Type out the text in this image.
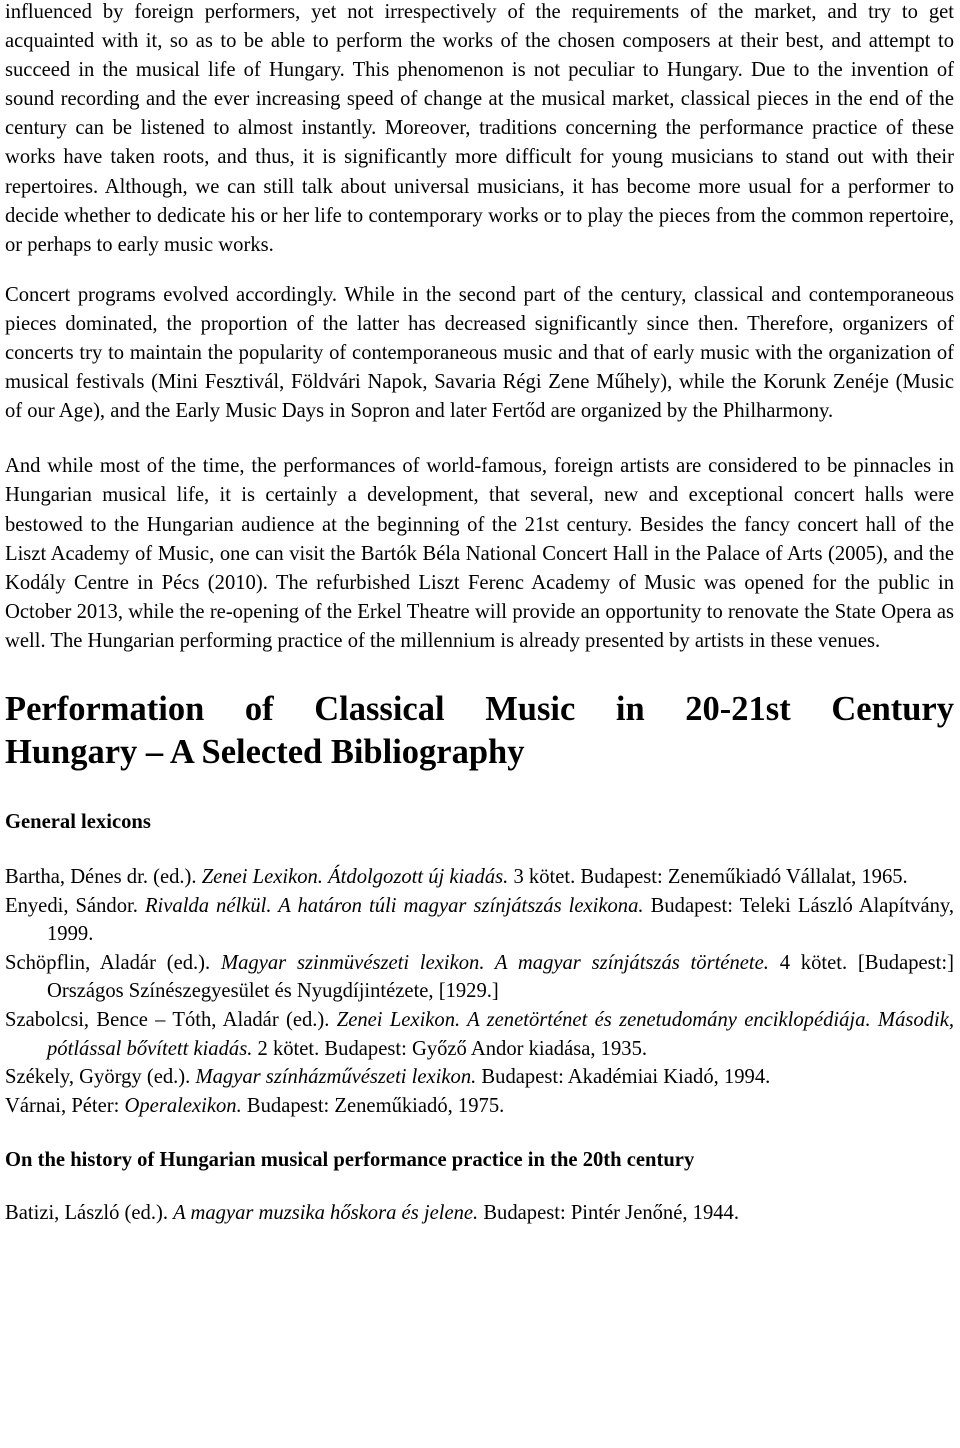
influenced by foreign performers, yet not irrespectively of the requirements of the market, and try to get acquainted with it, so as to be able to perform the works of the chosen composers at their best, and attempt to succeed in the musical life of Hungary. This phenomenon is not peculiar to Hungary. Due to the invention of sound recording and the ever increasing speed of change at the musical market, classical pieces in the end of the century can be listened to almost instantly. Moreover, traditions concerning the performance practice of these works have taken roots, and thus, it is significantly more difficult for young musicians to stand out with their repertoires. Although, we can still talk about universal musicians, it has become more usual for a performer to decide whether to dedicate his or her life to contemporary works or to play the pieces from the common repertoire, or perhaps to early music works.

Concert programs evolved accordingly. While in the second part of the century, classical and contemporaneous pieces dominated, the proportion of the latter has decreased significantly since then. Therefore, organizers of concerts try to maintain the popularity of contemporaneous music and that of early music with the organization of musical festivals (Mini Fesztivál, Földvári Napok, Savaria Régi Zene Műhely), while the Korunk Zenéje (Music of our Age), and the Early Music Days in Sopron and later Fertőd are organized by the Philharmony.

And while most of the time, the performances of world-famous, foreign artists are considered to be pinnacles in Hungarian musical life, it is certainly a development, that several, new and exceptional concert halls were bestowed to the Hungarian audience at the beginning of the 21st century. Besides the fancy concert hall of the Liszt Academy of Music, one can visit the Bartók Béla National Concert Hall in the Palace of Arts (2005), and the Kodály Centre in Pécs (2010). The refurbished Liszt Ferenc Academy of Music was opened for the public in October 2013, while the re-opening of the Erkel Theatre will provide an opportunity to renovate the State Opera as well. The Hungarian performing practice of the millennium is already presented by artists in these venues.

Performation of Classical Music in 20-21st Century
Hungary – A Selected Bibliography
General lexicons
Bartha, Dénes dr. (ed.). Zenei Lexikon. Átdolgozott új kiadás. 3 kötet. Budapest: Zeneműkiadó Vállalat, 1965.
Enyedi, Sándor. Rivalda nélkül. A határon túli magyar színjátszás lexikona. Budapest: Teleki László Alapítvány, 1999.
Schöpflin, Aladár (ed.). Magyar szinmüvészeti lexikon. A magyar színjátszás története. 4 kötet. [Budapest:] Országos Színészegyesület és Nyugdíjintézete, [1929.]
Szabolcsi, Bence – Tóth, Aladár (ed.). Zenei Lexikon. A zenetörténet és zenetudomány enciklopédiája. Második, pótlással bővített kiadás. 2 kötet. Budapest: Győző Andor kiadása, 1935.
Székely, György (ed.). Magyar színházművészeti lexikon. Budapest: Akadémiai Kiadó, 1994.
Várnai, Péter: Operalexikon. Budapest: Zeneműkiadó, 1975.
On the history of Hungarian musical performance practice in the 20th century
Batizi, László (ed.). A magyar muzsika hőskora és jelene. Budapest: Pintér Jenőné, 1944.
